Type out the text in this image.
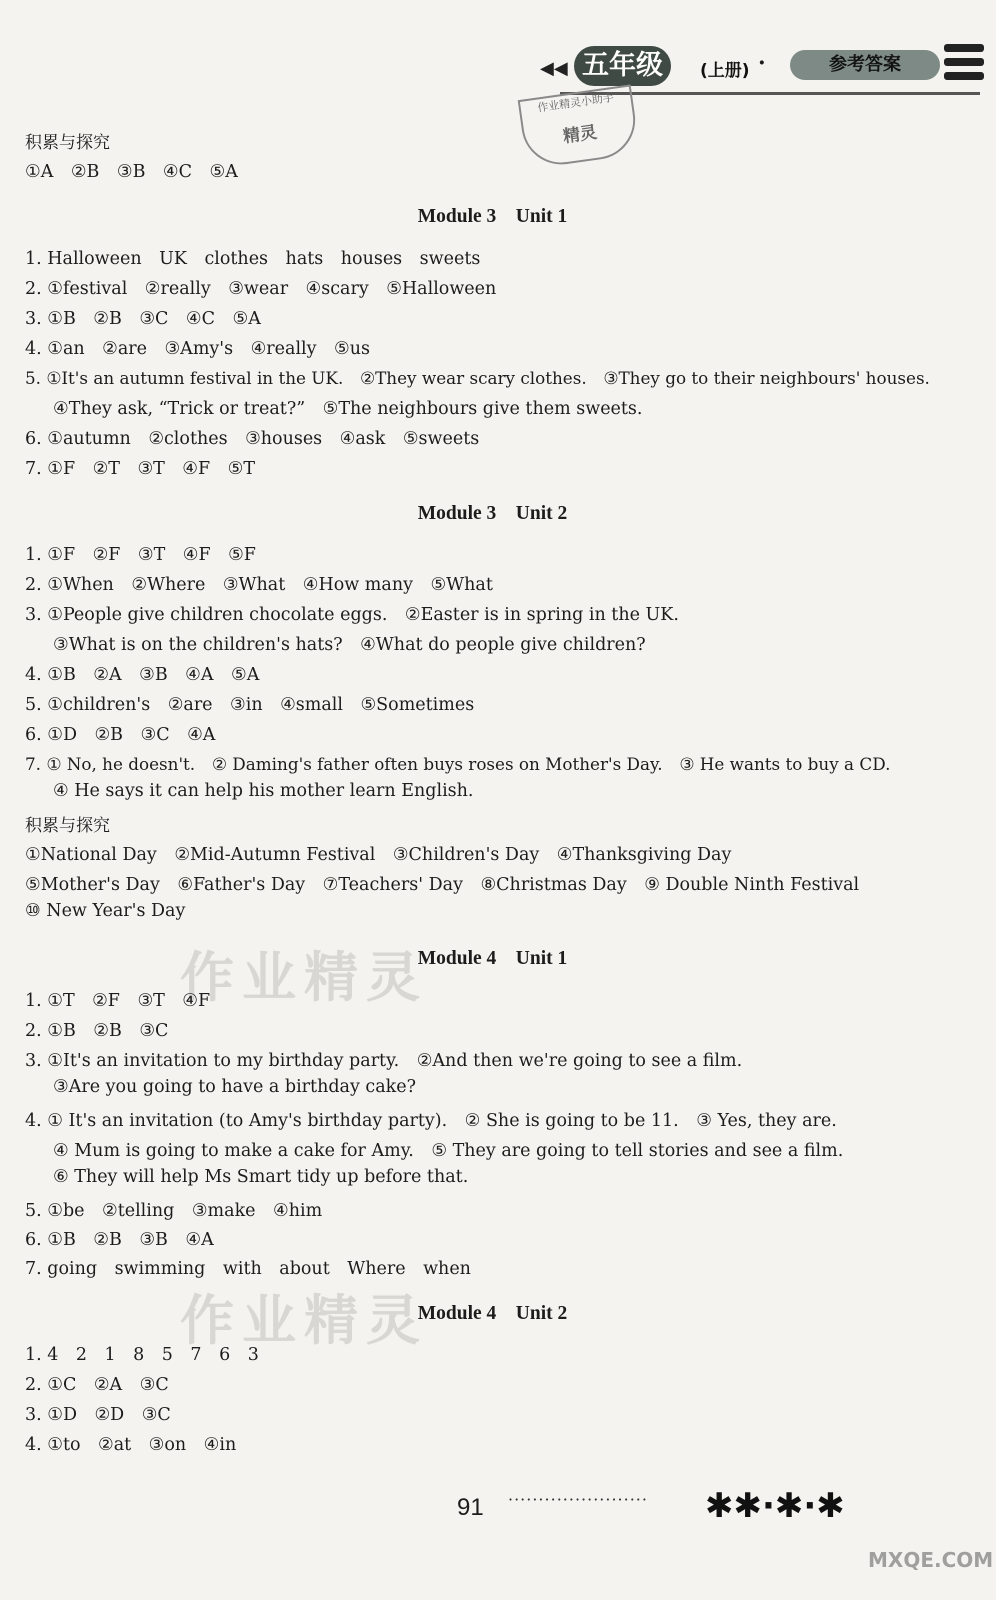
◀◀ 五年级	(上册) ·	参考答案
作业精灵小助手
精灵
作业精灵
作业精灵
积累与探究
①A　②B　③B　④C　⑤A
Module 3　Unit 1
1. Halloween　UK　clothes　hats　houses　sweets
2. ①festival　②really　③wear　④scary　⑤Halloween
3. ①B　②B　③C　④C　⑤A
4. ①an　②are　③Amy's　④really　⑤us
5. ①It's an autumn festival in the UK.　②They wear scary clothes.　③They go to their neighbours' houses.
④They ask, “Trick or treat?”　⑤The neighbours give them sweets.
6. ①autumn　②clothes　③houses　④ask　⑤sweets
7. ①F　②T　③T　④F　⑤T
Module 3　Unit 2
1. ①F　②F　③T　④F　⑤F
2. ①When　②Where　③What　④How many　⑤What
3. ①People give children chocolate eggs.　②Easter is in spring in the UK.
③What is on the children's hats?　④What do people give children?
4. ①B　②A　③B　④A　⑤A
5. ①children's　②are　③in　④small　⑤Sometimes
6. ①D　②B　③C　④A
7. ① No, he doesn't.　② Daming's father often buys roses on Mother's Day.　③ He wants to buy a CD.
④ He says it can help his mother learn English.
积累与探究
①National Day　②Mid-Autumn Festival　③Children's Day　④Thanksgiving Day
⑤Mother's Day　⑥Father's Day　⑦Teachers' Day　⑧Christmas Day　⑨ Double Ninth Festival
⑩ New Year's Day
Module 4　Unit 1
1. ①T　②F　③T　④F
2. ①B　②B　③C
3. ①It's an invitation to my birthday party.　②And then we're going to see a film.
③Are you going to have a birthday cake?
4. ① It's an invitation (to Amy's birthday party).　② She is going to be 11.　③ Yes, they are.
④ Mum is going to make a cake for Amy.　⑤ They are going to tell stories and see a film.
⑥ They will help Ms Smart tidy up before that.
5. ①be　②telling　③make　④him
6. ①B　②B　③B　④A
7. going　swimming　with　about　Where　when
Module 4　Unit 2
1. 4　2　1　8　5　7　6　3
2. ①C　②A　③C
3. ①D　②D　③C
4. ①to　②at　③on　④in
91 ······················· ✱✱·✱·✱
MXQE.COM
